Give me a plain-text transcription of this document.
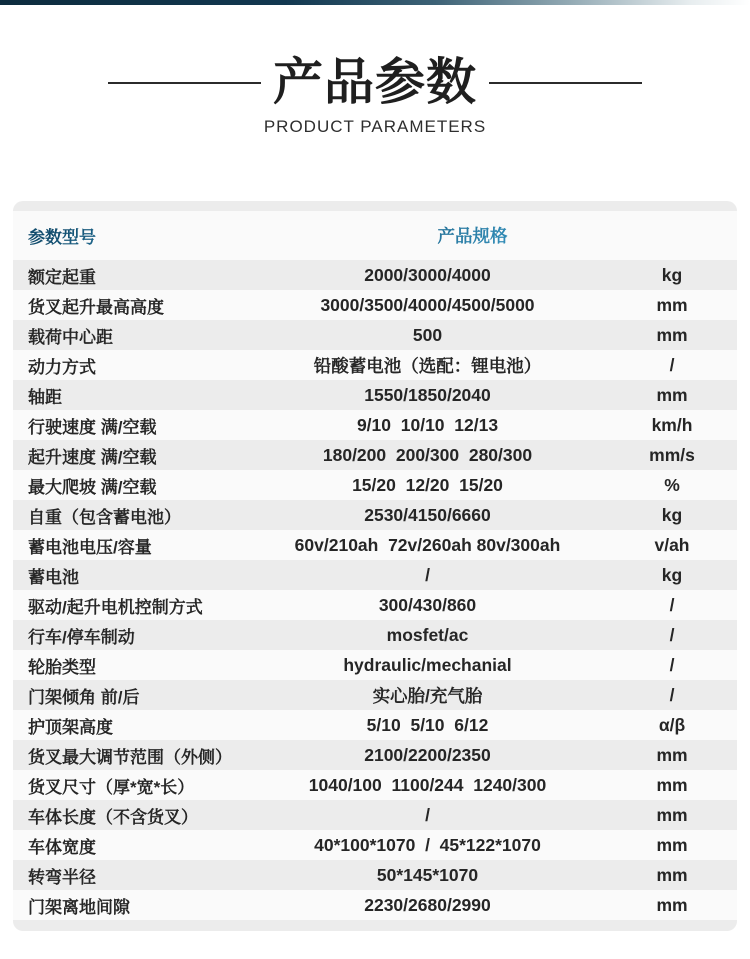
产品参数
PRODUCT PARAMETERS
参数型号	产品规格
额定起重	2000/3000/4000	kg
货叉起升最高高度	3000/3500/4000/4500/5000	mm
载荷中心距	500	mm
动力方式	铅酸蓄电池（选配：锂电池）	/
轴距	1550/1850/2040	mm
行驶速度 满/空载	9/10  10/10  12/13	km/h
起升速度 满/空载	180/200  200/300  280/300	mm/s
最大爬坡 满/空载	15/20  12/20  15/20	%
自重（包含蓄电池）	2530/4150/6660	kg
蓄电池电压/容量	60v/210ah  72v/260ah 80v/300ah	v/ah
蓄电池	/	kg
驱动/起升电机控制方式	300/430/860	/
行车/停车制动	mosfet/ac	/
轮胎类型	hydraulic/mechanial	/
门架倾角 前/后	实心胎/充气胎	/
护顶架高度	5/10  5/10  6/12	α/β
货叉最大调节范围（外侧）	2100/2200/2350	mm
货叉尺寸（厚*宽*长）	1040/100  1100/244  1240/300	mm
车体长度（不含货叉）	/	mm
车体宽度	40*100*1070  /  45*122*1070	mm
转弯半径	50*145*1070	mm
门架离地间隙	2230/2680/2990	mm
